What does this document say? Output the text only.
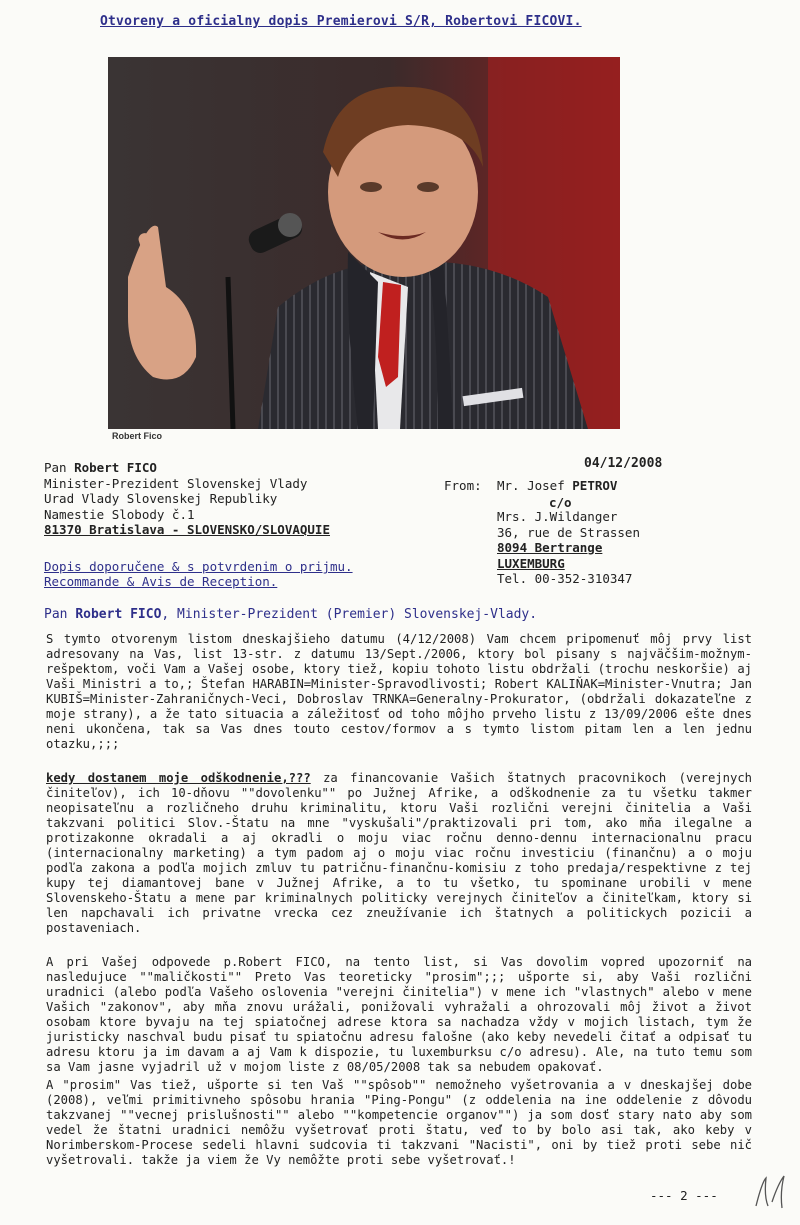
Otvoreny a oficialny dopis Premierovi S/R, Robertovi FICOVI.
Robert Fico
Pan Robert FICO
Minister-Prezident Slovenskej Vlady
Urad Vlady Slovenskej Republiky
Namestie Slobody č.1
81370 Bratislava - SLOVENSKO/SLOVAQUIE
04/12/2008
From: Mr. Josef PETROV
Mrs. J.Wildanger
36, rue de Strassen
8094 Bertrange
LUXEMBURG
Tel. 00-352-310347
c/o
Dopis doporučene & s potvrdenim o prijmu.
Recommande & Avis de Reception.
Pan Robert FICO, Minister-Prezident (Premier) Slovenskej-Vlady.
S tymto otvorenym listom dneskajšieho datumu (4/12/2008) Vam chcem pripomenuť môj prvy list adresovany na Vas, list 13-str. z datumu 13/Sept./2006, ktory bol pisany s najväčšim-možnym-rešpektom, voči Vam a Vašej osobe, ktory tiež, kopiu tohoto listu obdržali (trochu neskoršie) aj Vaši Ministri a to,; Štefan HARABIN=Minister-Spravodlivosti; Robert KALIŇAK=Minister-Vnutra; Jan KUBIŠ=Minister-Zahraničnych-Veci, Dobroslav TRNKA=Generalny-Prokurator, (obdržali dokazateľne z moje strany), a že tato situacia a záležitosť od toho môjho prveho listu z 13/09/2006 ešte dnes neni ukončena, tak sa Vas dnes touto cestov/formov a s tymto listom pitam len a len jednu otazku,;;;
kedy dostanem moje odškodnenie,??? za financovanie Vašich štatnych pracovnikoch (verejnych činiteľov), ich 10-dňovu ""dovolenku"" po Južnej Afrike, a odškodnenie za tu všetku takmer neopisateľnu a rozličneho druhu kriminalitu, ktoru Vaši rozlični verejni činitelia a Vaši takzvani politici Slov.-Štatu na mne "vyskušali"/praktizovali pri tom, ako mňa ilegalne a protizakonne okradali a aj okradli o moju viac ročnu denno-dennu internacionalnu pracu (internacionalny marketing) a tym padom aj o moju viac ročnu investiciu (finančnu) a o moju podľa zakona a podľa mojich zmluv tu patričnu-finančnu-komisiu z toho predaja/respektivne z tej kupy tej diamantovej bane v Južnej Afrike, a to tu všetko, tu spominane urobili v mene Slovenskeho-Štatu a mene par kriminalnych politicky verejnych činiteľov a činiteľkam, ktory si len napchavali ich privatne vrecka cez zneužívanie ich štatnych a politickych pozicii a postaveniach.
A pri Vašej odpovede p.Robert FICO, na tento list, si Vas dovolim vopred upozorniť na nasledujuce ""maličkosti"" Preto Vas teoreticky "prosim";;; ušporte si, aby Vaši rozlični uradnici (alebo podľa Vašeho oslovenia "verejni činitelia") v mene ich "vlastnych" alebo v mene Vašich "zakonov", aby mňa znovu urážali, ponižovali vyhražali a ohrozovali môj život a život osobam ktore byvaju na tej spiatočnej adrese ktora sa nachadza vždy v mojich listach, tym že juristicky naschval budu pisať tu spiatočnu adresu falošne (ako keby nevedeli čitať a odpisať tu adresu ktoru ja im davam a aj Vam k dispozie, tu luxemburksu c/o adresu). Ale, na tuto temu som sa Vam jasne vyjadril už v mojom liste z 08/05/2008 tak sa nebudem opakovať.
A "prosim" Vas tiež, ušporte si ten Vaš ""spôsob"" nemožneho vyšetrovania a v dneskajšej dobe (2008), veľmi primitivneho spôsobu hrania "Ping-Pongu" (z oddelenia na ine oddelenie z dôvodu takzvanej ""vecnej prislušnosti"" alebo ""kompetencie organov"") ja som dosť stary nato aby som vedel že štatni uradnici nemôžu vyšetrovať proti štatu, veď to by bolo asi tak, ako keby v Norimberskom-Procese sedeli hlavni sudcovia ti takzvani "Nacisti", oni by tiež proti sebe nič vyšetrovali. takže ja viem že Vy nemôžte proti sebe vyšetrovať.!
--- 2 ---
